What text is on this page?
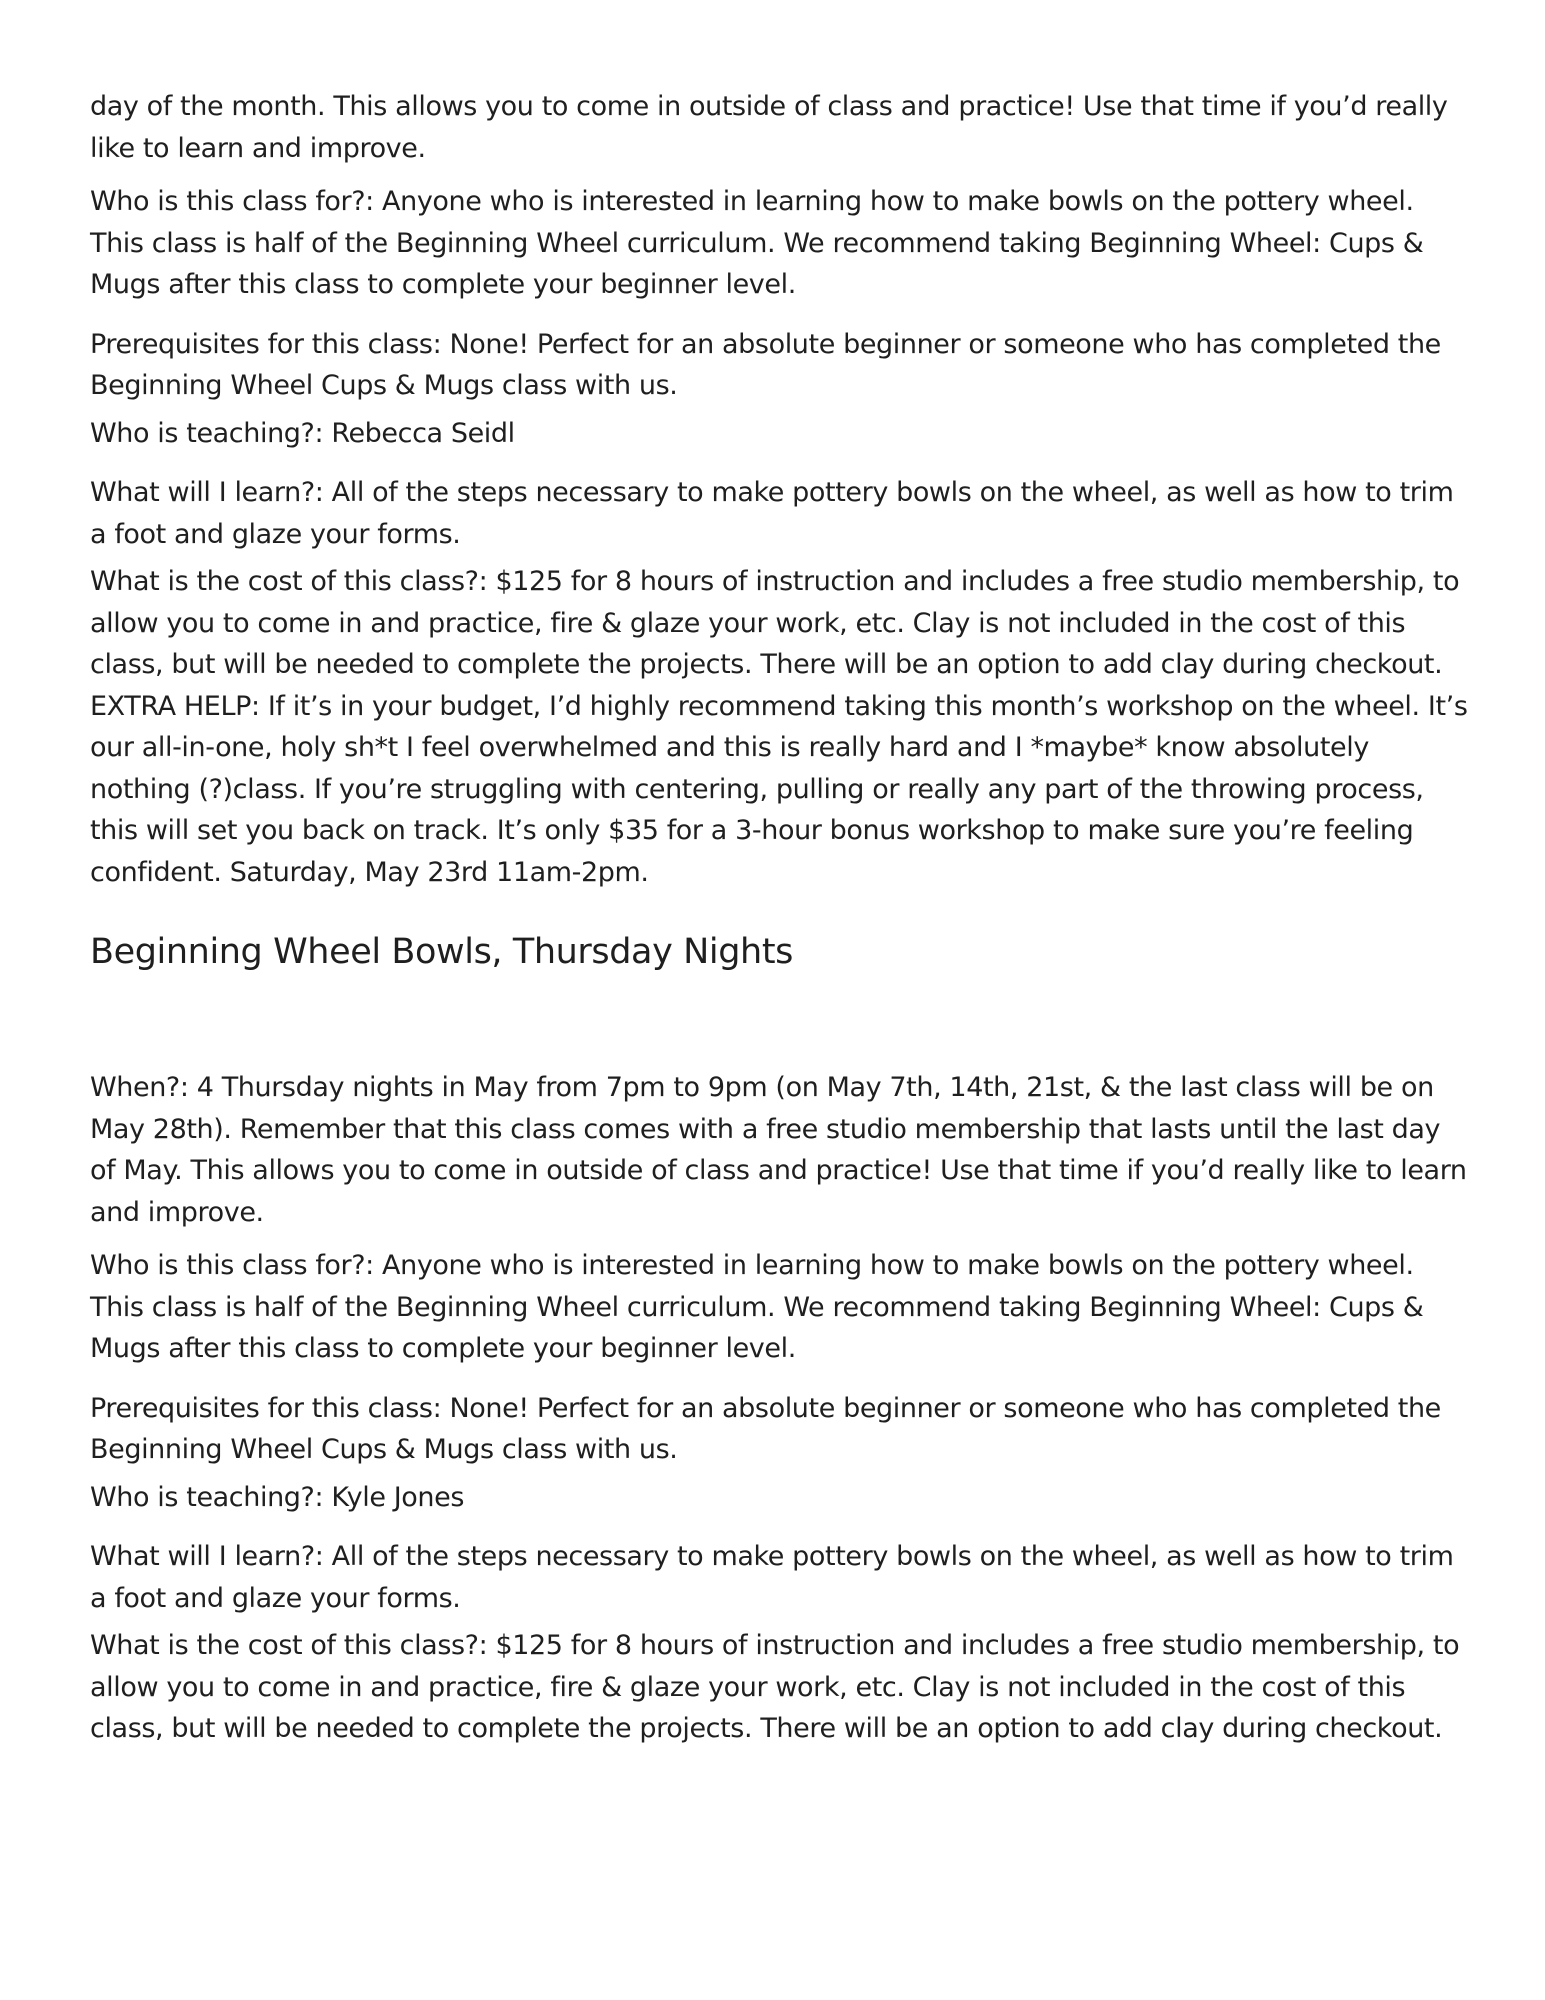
day of the month. This allows you to come in outside of class and practice! Use that time if you’d really like to learn and improve.

Who is this class for?: Anyone who is interested in learning how to make bowls on the pottery wheel. This class is half of the Beginning Wheel curriculum. We recommend taking Beginning Wheel: Cups & Mugs after this class to complete your beginner level.

Prerequisites for this class: None! Perfect for an absolute beginner or someone who has completed the Beginning Wheel Cups & Mugs class with us.

Who is teaching?: Rebecca Seidl

What will I learn?: All of the steps necessary to make pottery bowls on the wheel, as well as how to trim a foot and glaze your forms.

What is the cost of this class?: $125 for 8 hours of instruction and includes a free studio membership, to allow you to come in and practice, fire & glaze your work, etc. Clay is not included in the cost of this class, but will be needed to complete the projects. There will be an option to add clay during checkout.

EXTRA HELP: If it’s in your budget, I’d highly recommend taking this month’s workshop on the wheel. It’s our all-in-one, holy sh*t I feel overwhelmed and this is really hard and I *maybe* know absolutely nothing (?)class. If you’re struggling with centering, pulling or really any part of the throwing process, this will set you back on track. It’s only $35 for a 3-hour bonus workshop to make sure you’re feeling confident. Saturday, May 23rd 11am-2pm.

Beginning Wheel Bowls, Thursday Nights

When?: 4 Thursday nights in May from 7pm to 9pm (on May 7th, 14th, 21st, & the last class will be on May 28th). Remember that this class comes with a free studio membership that lasts until the last day of May. This allows you to come in outside of class and practice! Use that time if you’d really like to learn and improve.

Who is this class for?: Anyone who is interested in learning how to make bowls on the pottery wheel. This class is half of the Beginning Wheel curriculum. We recommend taking Beginning Wheel: Cups & Mugs after this class to complete your beginner level.

Prerequisites for this class: None! Perfect for an absolute beginner or someone who has completed the Beginning Wheel Cups & Mugs class with us.

Who is teaching?: Kyle Jones

What will I learn?: All of the steps necessary to make pottery bowls on the wheel, as well as how to trim a foot and glaze your forms.

What is the cost of this class?: $125 for 8 hours of instruction and includes a free studio membership, to allow you to come in and practice, fire & glaze your work, etc. Clay is not included in the cost of this class, but will be needed to complete the projects. There will be an option to add clay during checkout.
